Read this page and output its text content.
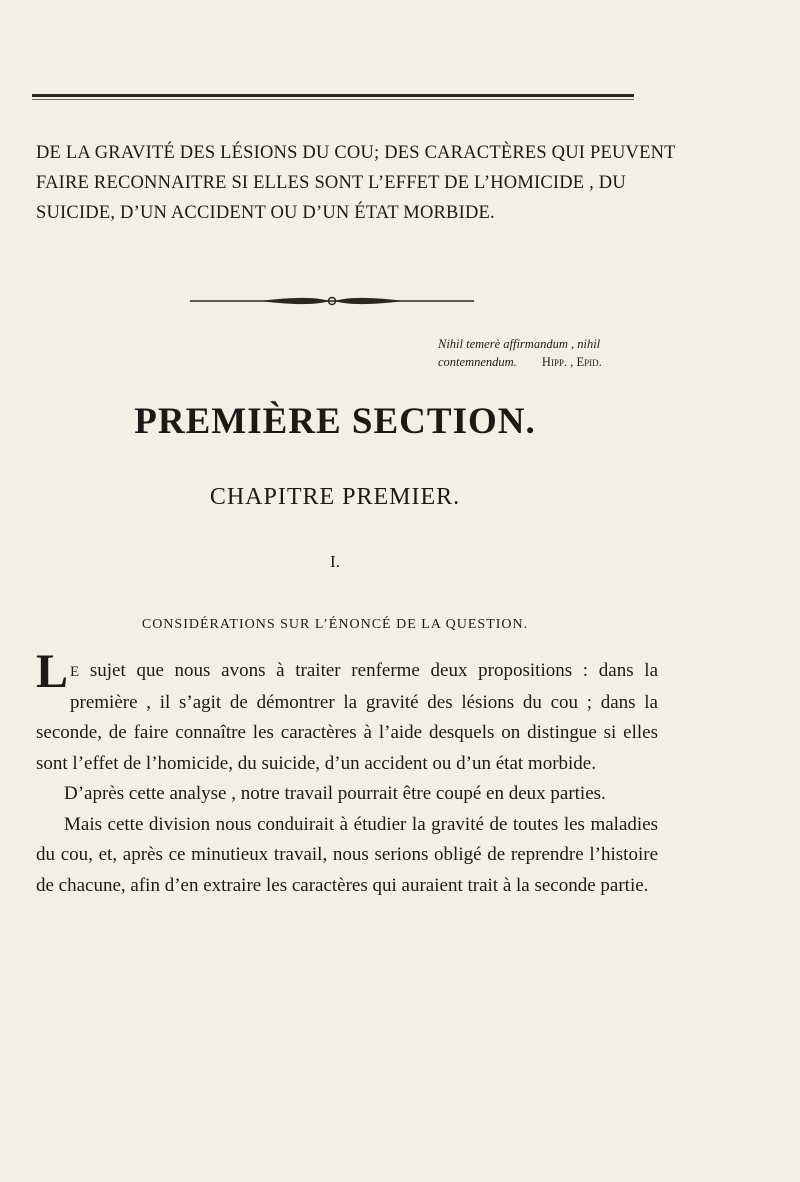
DE LA GRAVITÉ DES LÉSIONS DU COU; DES CARACTÈRES QUI PEUVENT
FAIRE RECONNAITRE SI ELLES SONT L’EFFET DE L’HOMICIDE , DU
SUICIDE, D’UN ACCIDENT OU D’UN ÉTAT MORBIDE.
Nihil temerè affirmandum , nihil
contemnendum. Hipp. , Epid.
PREMIÈRE SECTION.
CHAPITRE PREMIER.
I.
CONSIDÉRATIONS SUR L’ÉNONCÉ DE LA QUESTION.

L E sujet que nous avons à traiter renferme deux propositions : dans la première , il s’agit de démontrer la gravité des lésions du cou ; dans la seconde, de faire connaître les caractères à l’aide desquels on distingue si elles sont l’effet de l’homicide, du suicide, d’un accident ou d’un état morbide.

D’après cette analyse , notre travail pourrait être coupé en deux parties.

Mais cette division nous conduirait à étudier la gravité de toutes les maladies du cou, et, après ce minutieux travail, nous serions obligé de reprendre l’histoire de chacune, afin d’en extraire les caractères qui auraient trait à la seconde partie.
